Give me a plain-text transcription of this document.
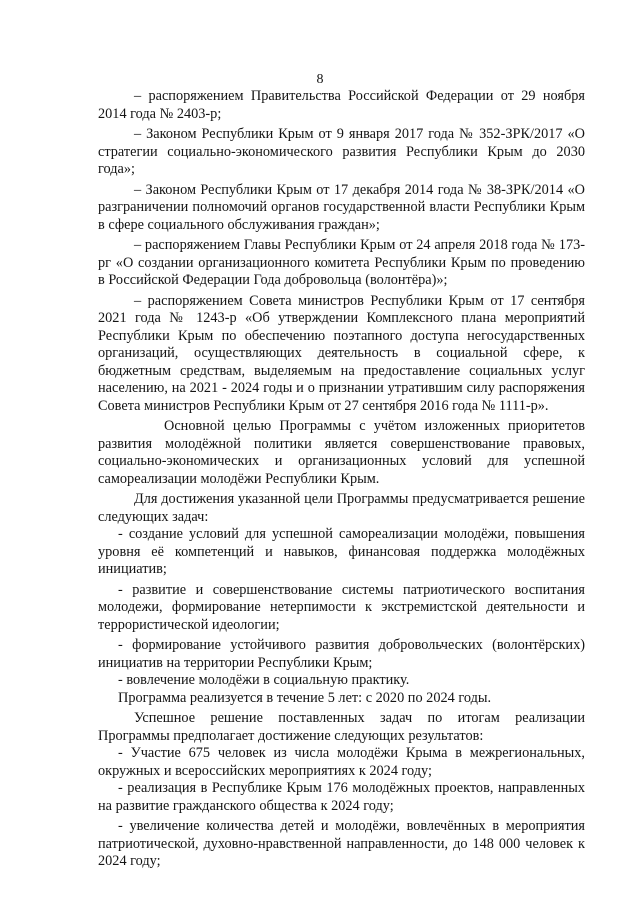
8

– распоряжением Правительства Российской Федерации от 29 ноября 2014 года № 2403-р;

– Законом Республики Крым от 9 января 2017 года № 352-ЗРК/2017 «О стратегии социально-экономического развития Республики Крым до 2030 года»;

– Законом Республики Крым от 17 декабря 2014 года № 38-ЗРК/2014 «О разграничении полномочий органов государственной власти Республики Крым в сфере социального обслуживания граждан»;

– распоряжением Главы Республики Крым от 24 апреля 2018 года № 173-рг «О создании организационного комитета Республики Крым по проведению в Российской Федерации Года добровольца (волонтёра)»;

– распоряжением Совета министров Республики Крым от 17 сентября 2021 года № 1243-р «Об утверждении Комплексного плана мероприятий Республики Крым по обеспечению поэтапного доступа негосударственных организаций, осуществляющих деятельность в социальной сфере, к бюджетным средствам, выделяемым на предоставление социальных услуг населению, на 2021 - 2024 годы и о признании утратившим силу распоряжения Совета министров Республики Крым от 27 сентября 2016 года № 1111-р».

Основной целью Программы с учётом изложенных приоритетов развития молодёжной политики является совершенствование правовых, социально-экономических и организационных условий для успешной самореализации молодёжи Республики Крым.

Для достижения указанной цели Программы предусматривается решение следующих задач:

- создание условий для успешной самореализации молодёжи, повышения уровня её компетенций и навыков, финансовая поддержка молодёжных инициатив;

- развитие и совершенствование системы патриотического воспитания молодежи, формирование нетерпимости к экстремистской деятельности и террористической идеологии;

- формирование устойчивого развития добровольческих (волонтёрских) инициатив на территории Республики Крым;

- вовлечение молодёжи в социальную практику.

Программа реализуется в течение 5 лет: с 2020 по 2024 годы.

Успешное решение поставленных задач по итогам реализации Программы предполагает достижение следующих результатов:

- Участие 675 человек из числа молодёжи Крыма в межрегиональных, окружных и всероссийских мероприятиях к 2024 году;

- реализация в Республике Крым 176 молодёжных проектов, направленных на развитие гражданского общества к 2024 году;

- увеличение количества детей и молодёжи, вовлечённых в мероприятия патриотической, духовно-нравственной направленности, до 148 000 человек к 2024 году;
